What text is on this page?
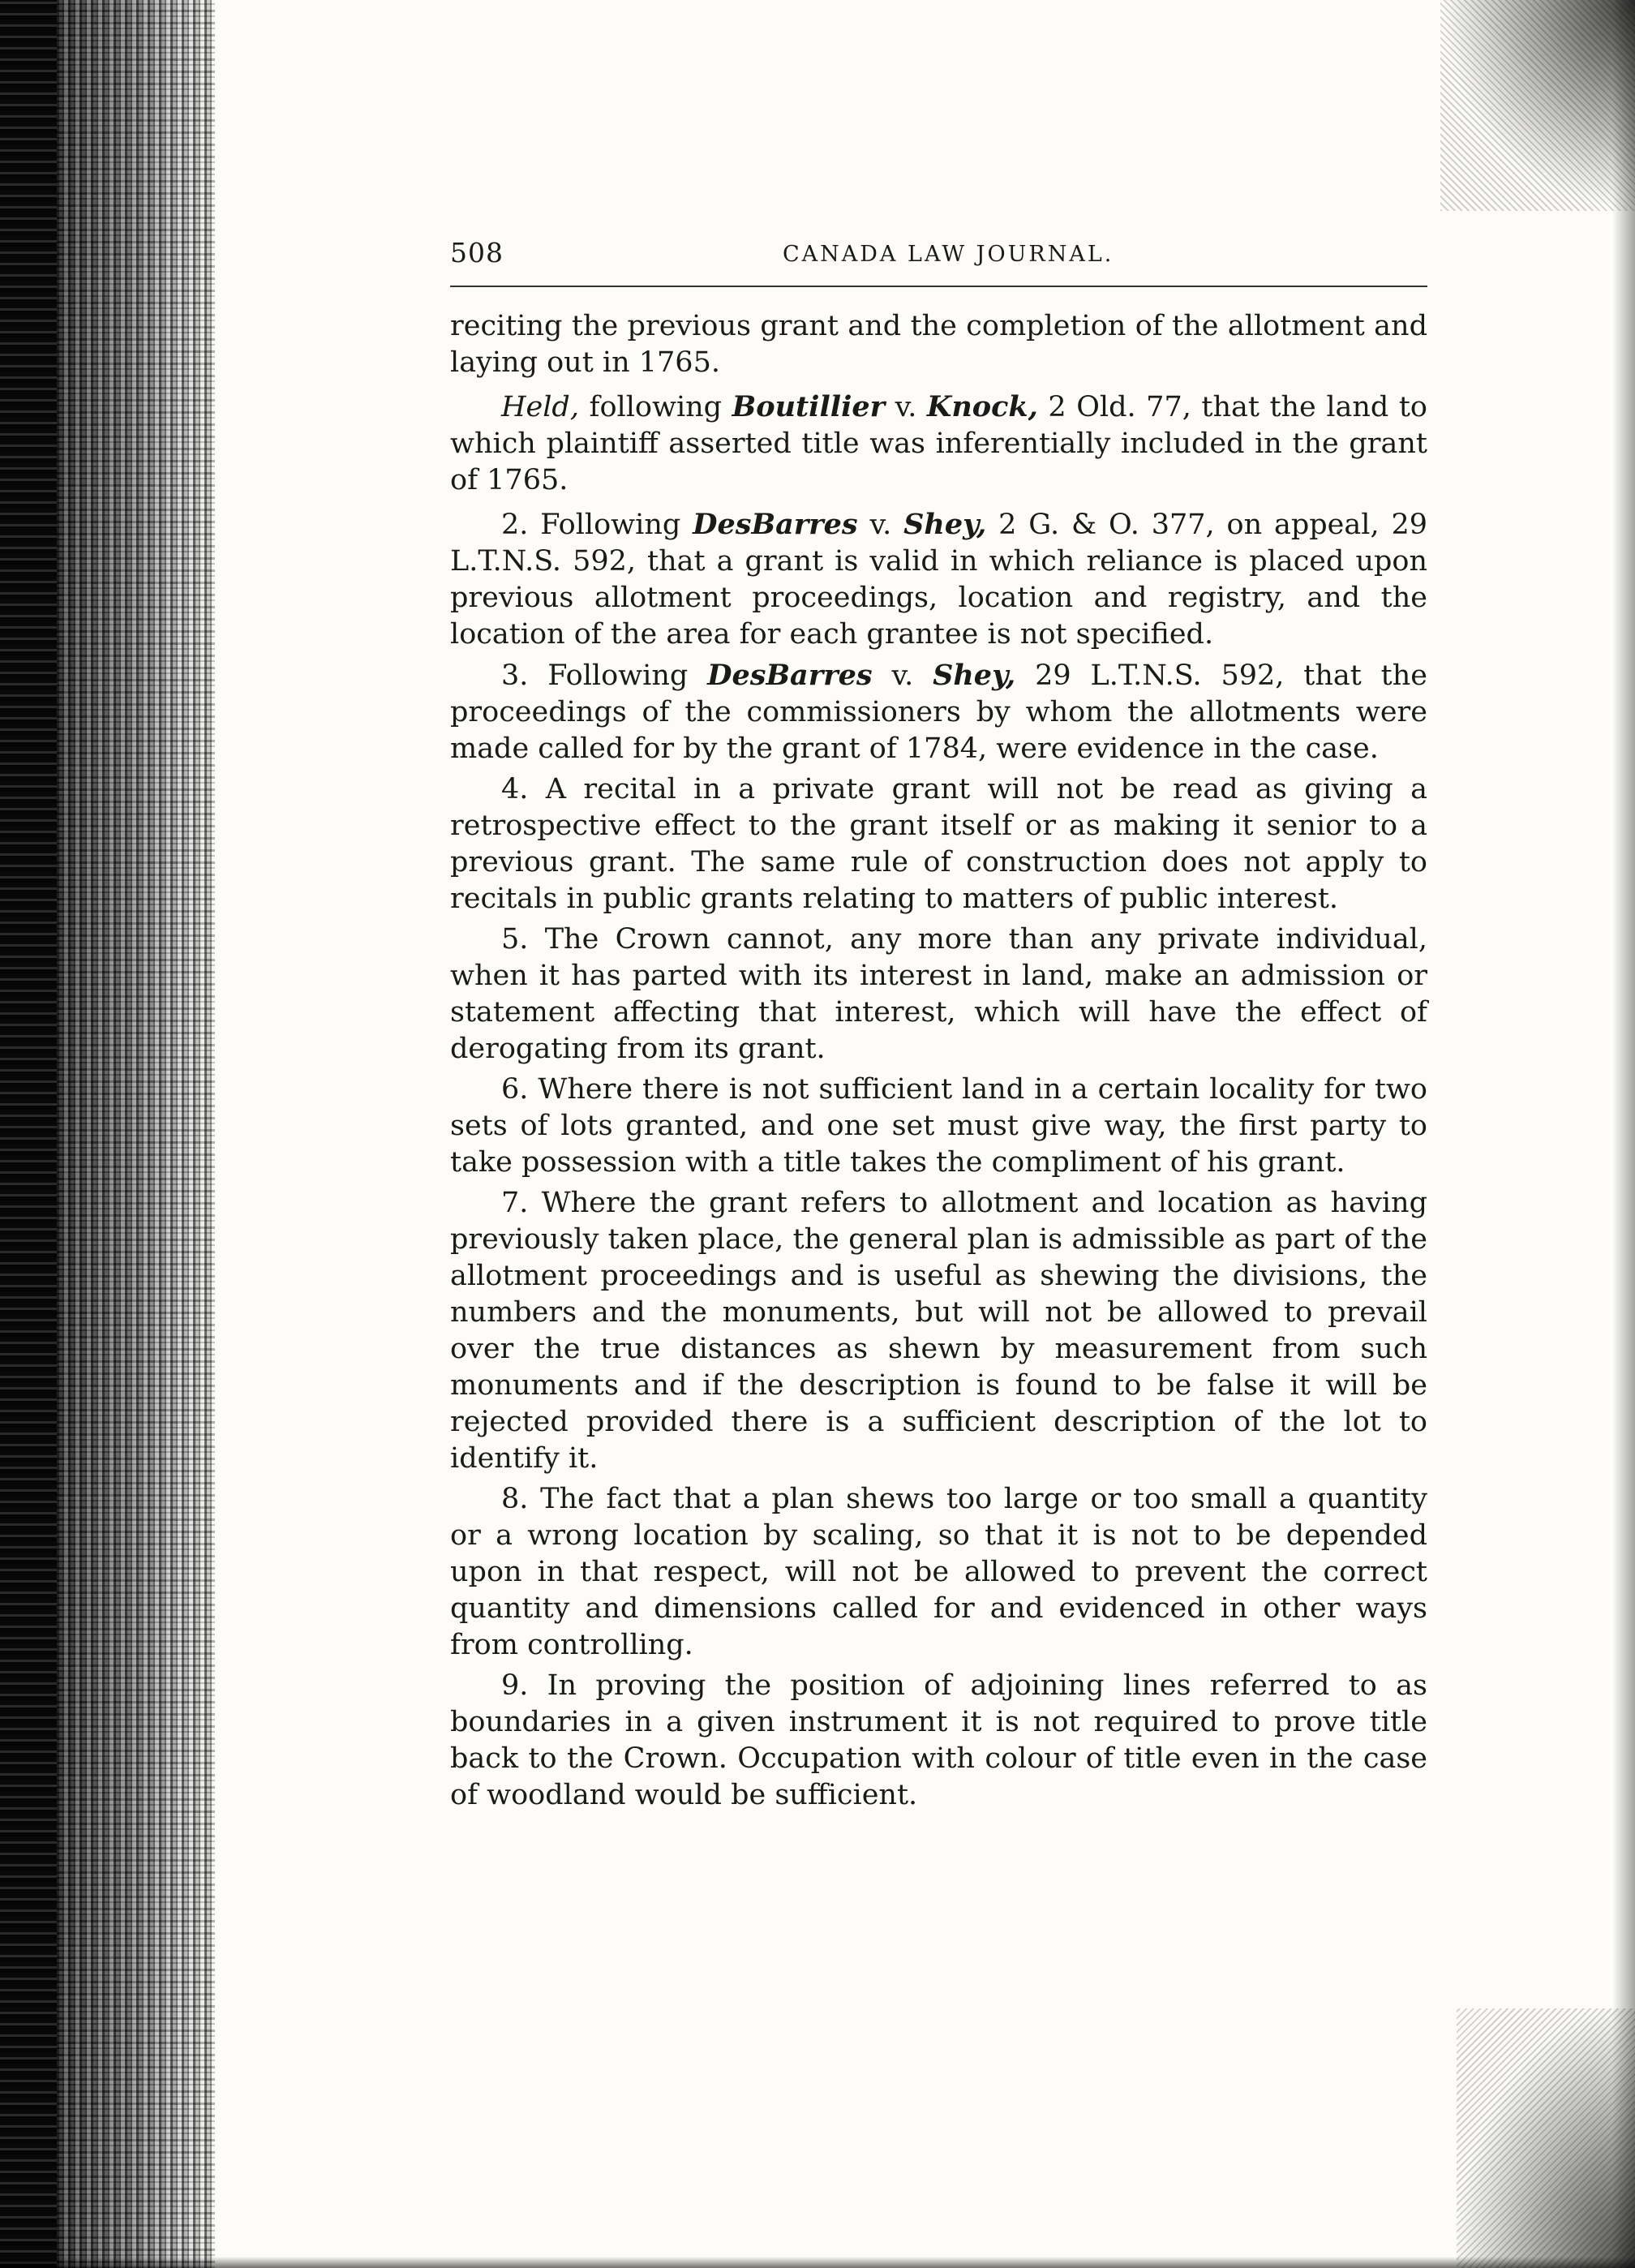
508	CANADA LAW JOURNAL.

reciting the previous grant and the completion of the allotment and laying out in 1765.

Held, following Boutillier v. Knock, 2 Old. 77, that the land to which plaintiff asserted title was inferentially included in the grant of 1765.

2. Following DesBarres v. Shey, 2 G. & O. 377, on appeal, 29 L.T.N.S. 592, that a grant is valid in which reliance is placed upon previous allotment proceedings, location and registry, and the location of the area for each grantee is not specified.

3. Following DesBarres v. Shey, 29 L.T.N.S. 592, that the proceedings of the commissioners by whom the allotments were made called for by the grant of 1784, were evidence in the case.

4. A recital in a private grant will not be read as giving a retrospective effect to the grant itself or as making it senior to a previous grant. The same rule of construction does not apply to recitals in public grants relating to matters of public interest.

5. The Crown cannot, any more than any private individual, when it has parted with its interest in land, make an admission or statement affecting that interest, which will have the effect of derogating from its grant.

6. Where there is not sufficient land in a certain locality for two sets of lots granted, and one set must give way, the first party to take possession with a title takes the compliment of his grant.

7. Where the grant refers to allotment and location as having previously taken place, the general plan is admissible as part of the allotment proceedings and is useful as shewing the divisions, the numbers and the monuments, but will not be allowed to prevail over the true distances as shewn by measurement from such monuments and if the description is found to be false it will be rejected provided there is a sufficient description of the lot to identify it.

8. The fact that a plan shews too large or too small a quantity or a wrong location by scaling, so that it is not to be depended upon in that respect, will not be allowed to prevent the correct quantity and dimensions called for and evidenced in other ways from controlling.

9. In proving the position of adjoining lines referred to as boundaries in a given instrument it is not required to prove title back to the Crown. Occupation with colour of title even in the case of woodland would be sufficient.
